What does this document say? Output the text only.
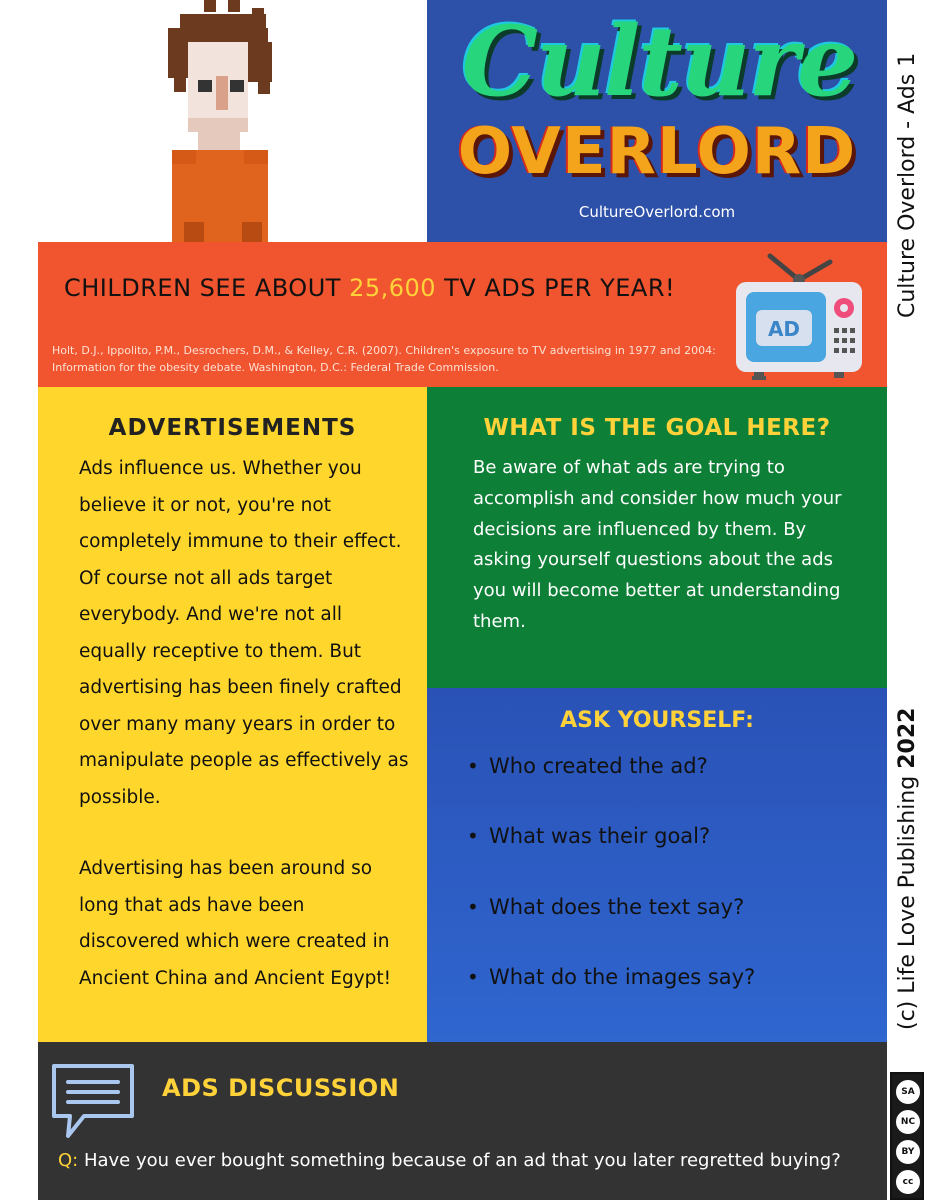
Culture
OVERLORD
CultureOverlord.com	Culture Overlord - Ads 1
(c) Life Love Publishing 2022
cc
BY
NC
SA
CHILDREN SEE ABOUT 25,600 TV ADS PER YEAR!
Holt, D.J., Ippolito, P.M., Desrochers, D.M., & Kelley, C.R. (2007). Children's exposure to TV advertising in 1977 and 2004: Information for the obesity debate. Washington, D.C.: Federal Trade Commission.
AD
ADVERTISEMENTS
Ads influence us. Whether you believe it or not, you're not completely immune to their effect. Of course not all ads target everybody. And we're not all equally receptive to them. But advertising has been finely crafted over many many years in order to manipulate people as effectively as possible.
Advertising has been around so long that ads have been discovered which were created in Ancient China and Ancient Egypt!
WHAT IS THE GOAL HERE?
Be aware of what ads are trying to accomplish and consider how much your decisions are influenced by them. By asking yourself questions about the ads you will become better at understanding them.
ASK YOURSELF:
• Who created the ad?
• What was their goal?
• What does the text say?
• What do the images say?
ADS DISCUSSION
Q: Have you ever bought something because of an ad that you later regretted buying?
